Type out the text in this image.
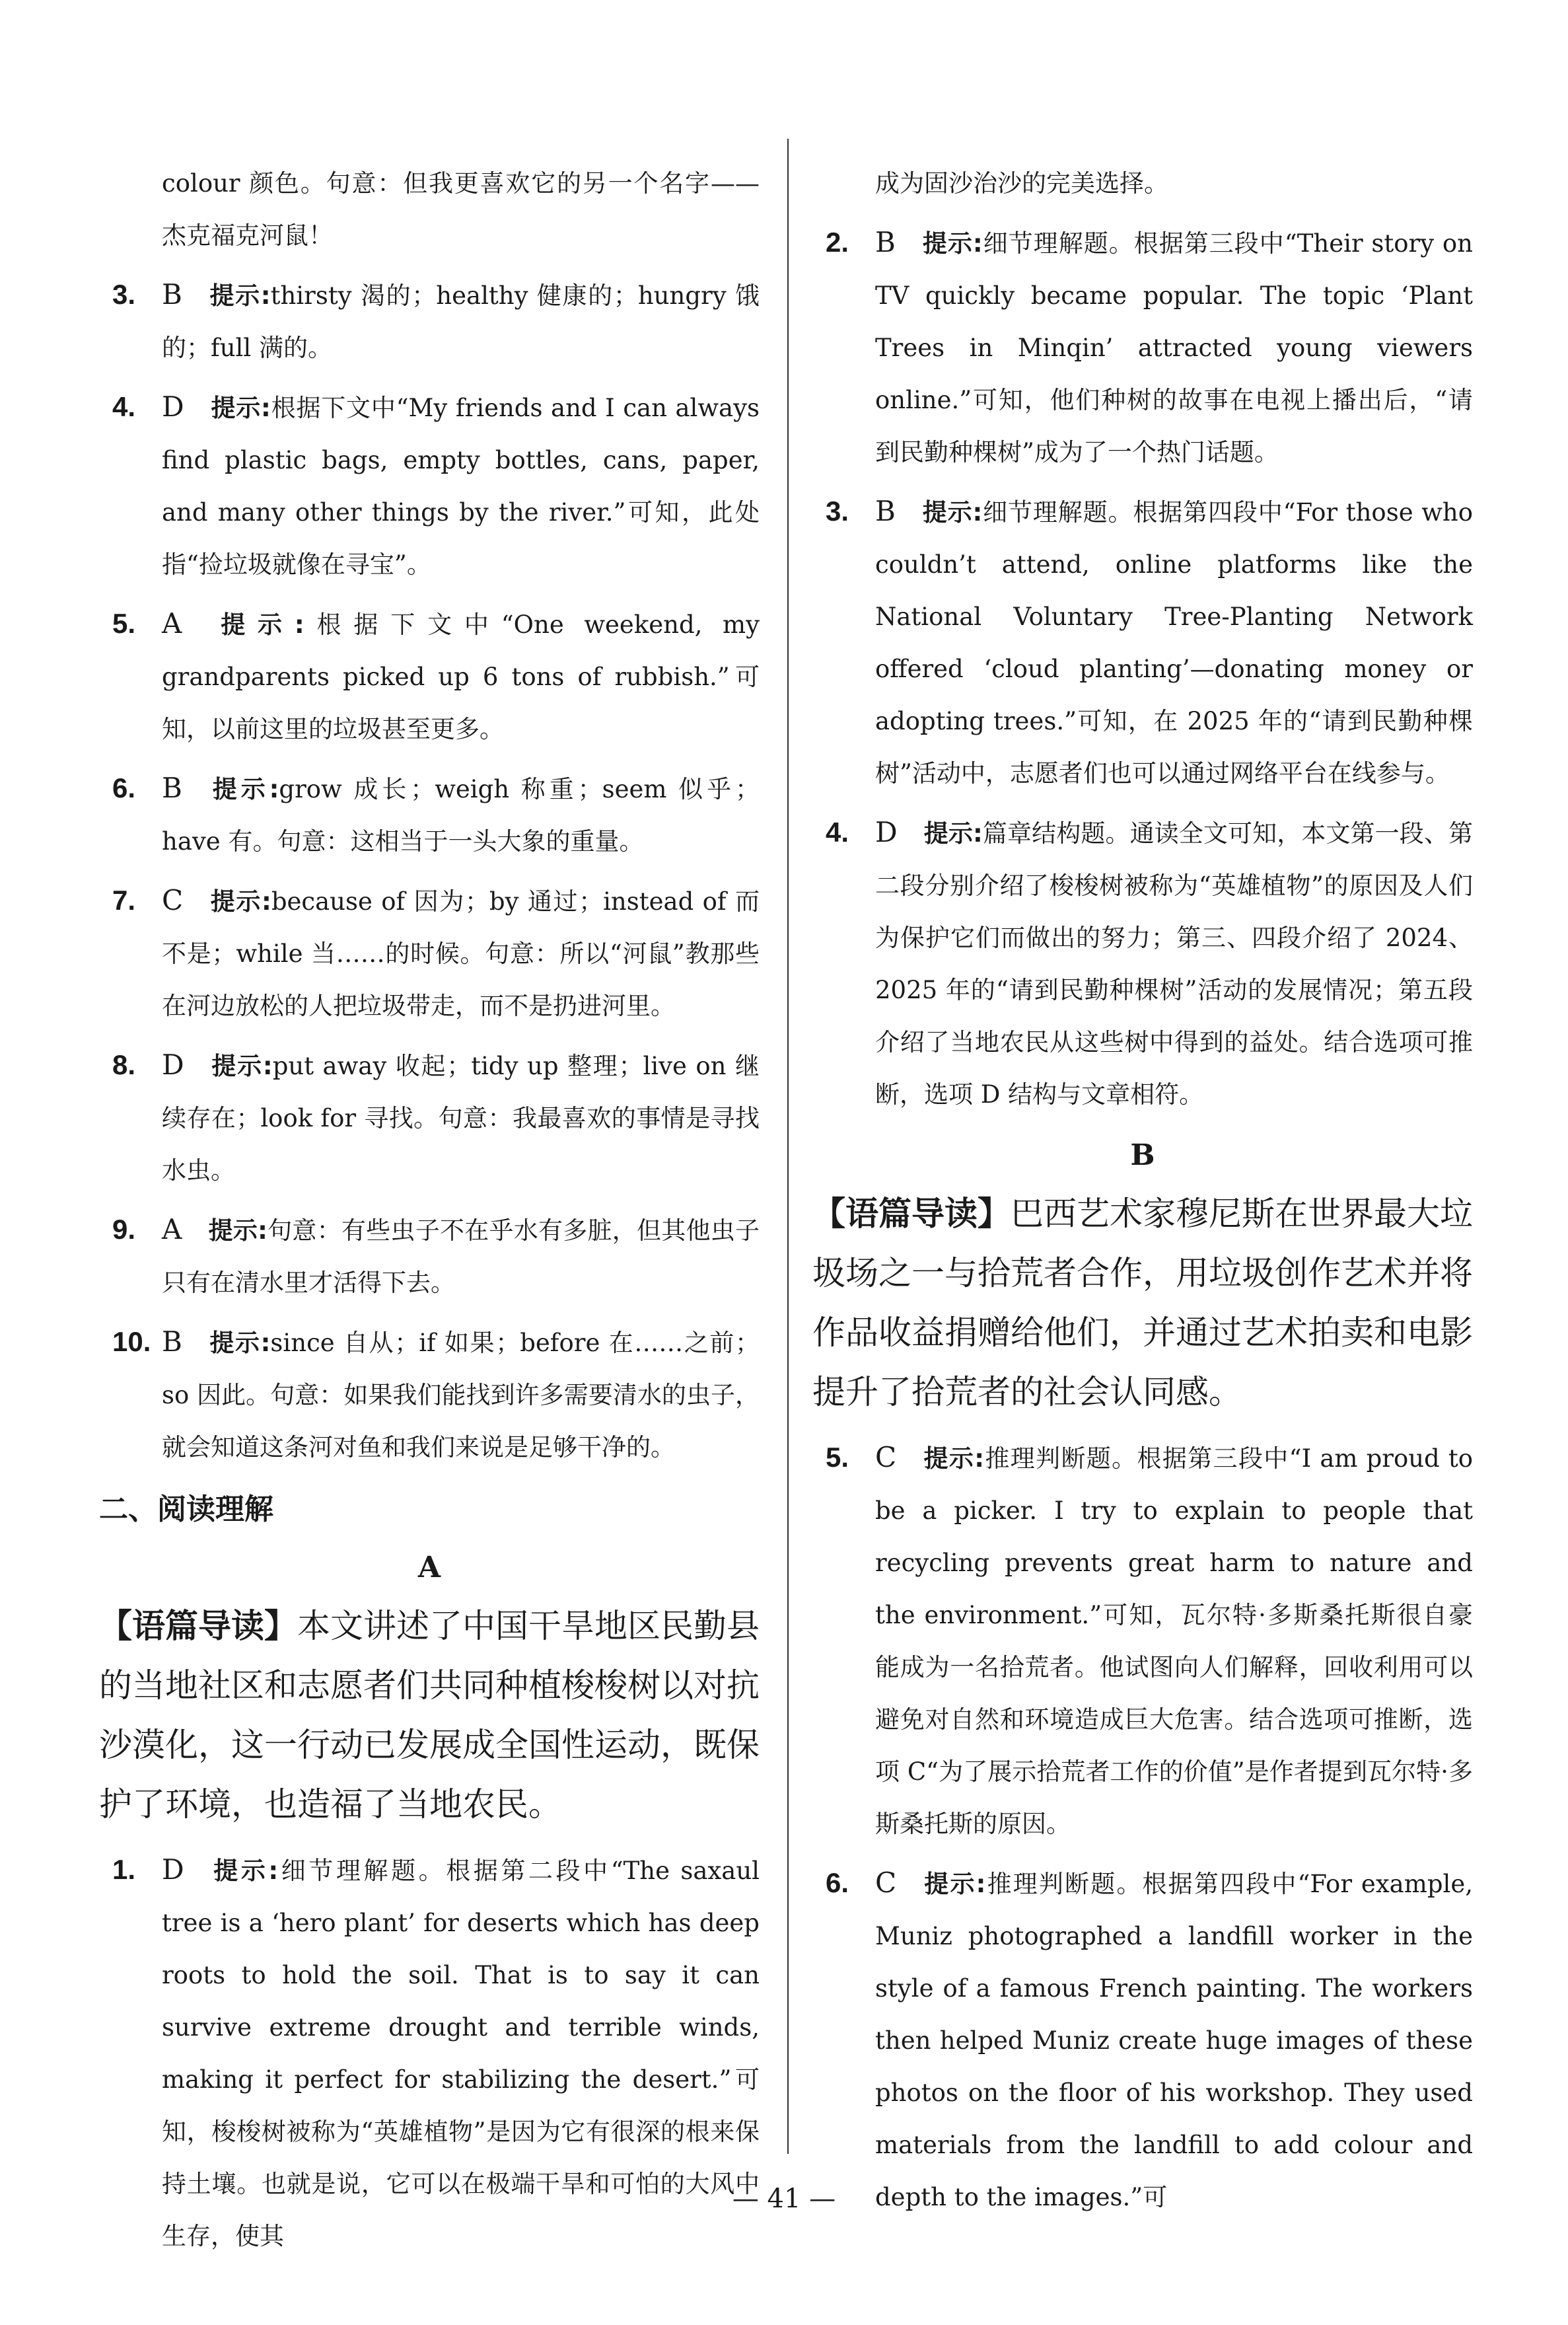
colour 颜色。句意：但我更喜欢它的另一个名字——杰克福克河鼠！
3. B 提示:thirsty 渴的；healthy 健康的；hungry 饿的；full 满的。
4. D 提示:根据下文中“My friends and I can always find plastic bags, empty bottles, cans, paper, and many other things by the river.”可知，此处指“捡垃圾就像在寻宝”。
5. A 提示:根据下文中“One weekend, my grandparents picked up 6 tons of rubbish.”可知，以前这里的垃圾甚至更多。
6. B 提示:grow 成长；weigh 称重；seem 似乎；have 有。句意：这相当于一头大象的重量。
7. C 提示:because of 因为；by 通过；instead of 而不是；while 当……的时候。句意：所以“河鼠”教那些在河边放松的人把垃圾带走，而不是扔进河里。
8. D 提示:put away 收起；tidy up 整理；live on 继续存在；look for 寻找。句意：我最喜欢的事情是寻找水虫。
9. A 提示:句意：有些虫子不在乎水有多脏，但其他虫子只有在清水里才活得下去。
10. B 提示:since 自从；if 如果；before 在……之前；so 因此。句意：如果我们能找到许多需要清水的虫子，就会知道这条河对鱼和我们来说是足够干净的。
二、阅读理解
A
【语篇导读】本文讲述了中国干旱地区民勤县的当地社区和志愿者们共同种植梭梭树以对抗沙漠化，这一行动已发展成全国性运动，既保护了环境，也造福了当地农民。
1. D 提示:细节理解题。根据第二段中“The saxaul tree is a ‘hero plant’ for deserts which has deep roots to hold the soil. That is to say it can survive extreme drought and terrible winds, making it perfect for stabilizing the desert.”可知，梭梭树被称为“英雄植物”是因为它有很深的根来保持土壤。也就是说，它可以在极端干旱和可怕的大风中生存，使其
成为固沙治沙的完美选择。
2. B 提示:细节理解题。根据第三段中“Their story on TV quickly became popular. The topic ‘Plant Trees in Minqin’ attracted young viewers online.”可知，他们种树的故事在电视上播出后，“请到民勤种棵树”成为了一个热门话题。
3. B 提示:细节理解题。根据第四段中“For those who couldn’t attend, online platforms like the National Voluntary Tree-Planting Network offered ‘cloud planting’—donating money or adopting trees.”可知，在 2025 年的“请到民勤种棵树”活动中，志愿者们也可以通过网络平台在线参与。
4. D 提示:篇章结构题。通读全文可知，本文第一段、第二段分别介绍了梭梭树被称为“英雄植物”的原因及人们为保护它们而做出的努力；第三、四段介绍了 2024、2025 年的“请到民勤种棵树”活动的发展情况；第五段介绍了当地农民从这些树中得到的益处。结合选项可推断，选项 D 结构与文章相符。
B
【语篇导读】巴西艺术家穆尼斯在世界最大垃圾场之一与拾荒者合作，用垃圾创作艺术并将作品收益捐赠给他们，并通过艺术拍卖和电影提升了拾荒者的社会认同感。
5. C 提示:推理判断题。根据第三段中“I am proud to be a picker. I try to explain to people that recycling prevents great harm to nature and the environment.”可知，瓦尔特·多斯桑托斯很自豪能成为一名拾荒者。他试图向人们解释，回收利用可以避免对自然和环境造成巨大危害。结合选项可推断，选项 C“为了展示拾荒者工作的价值”是作者提到瓦尔特·多斯桑托斯的原因。
6. C 提示:推理判断题。根据第四段中“For example, Muniz photographed a landfill worker in the style of a famous French painting. The workers then helped Muniz create huge images of these photos on the floor of his workshop. They used materials from the landfill to add colour and depth to the images.”可
— 41 —
